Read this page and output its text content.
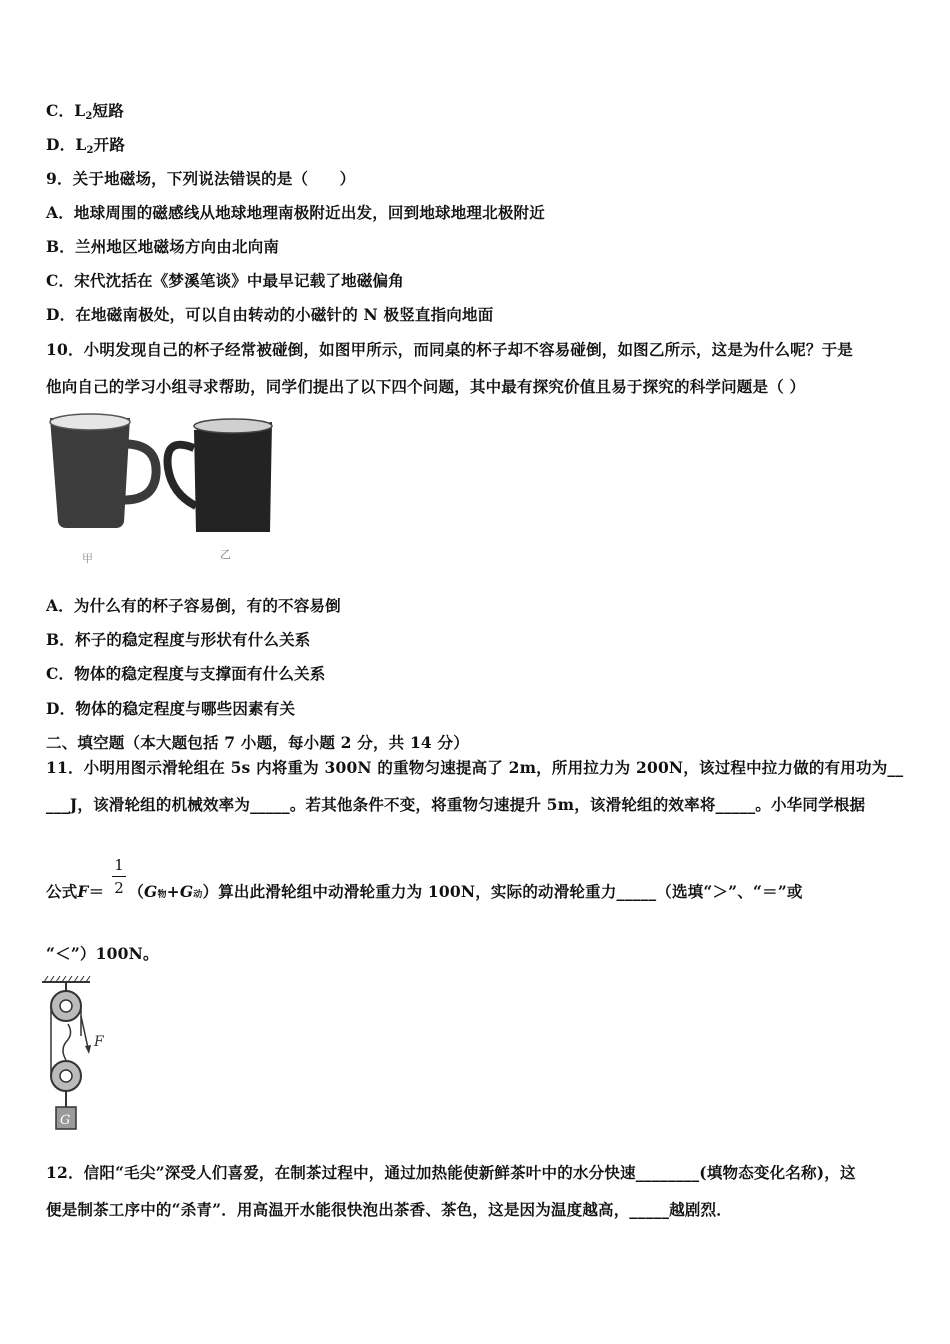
C．$L_2$短路
D．$L_2$开路
9．关于地磁场，下列说法错误的是（　　）
A．地球周围的磁感线从地球地理南极附近出发，回到地球地理北极附近
B．兰州地区地磁场方向由北向南
C．宋代沈括在《梦溪笔谈》中最早记载了地磁偏角
D．在地磁南极处，可以自由转动的小磁针的 N 极竖直指向地面
10．小明发现自己的杯子经常被碰倒，如图甲所示，而同桌的杯子却不容易碰倒，如图乙所示，这是为什么呢？于是
他向自己的学习小组寻求帮助，同学们提出了以下四个问题，其中最有探究价值且易于探究的科学问题是（ ）
甲	乙
A．为什么有的杯子容易倒，有的不容易倒
B．杯子的稳定程度与形状有什么关系
C．物体的稳定程度与支撑面有什么关系
D．物体的稳定程度与哪些因素有关
二、填空题（本大题包括 7 小题，每小题 2 分，共 14 分）
11．小明用图示滑轮组在 5s 内将重为 300N 的重物匀速提高了 2m，所用拉力为 200N，该过程中拉力做的有用功为__
___J，该滑轮组的机械效率为_____。若其他条件不变，将重物匀速提升 5m，该滑轮组的效率将_____。小华同学根据
1
2
公式F＝ （G物+G动）算出此滑轮组中动滑轮重力为 100N，实际的动滑轮重力_____（选填“＞”、“＝”或
“＜”）100N。
F
G
12．信阳“毛尖”深受人们喜爱，在制茶过程中，通过加热能使新鲜茶叶中的水分快速________(填物态变化名称)，这
便是制茶工序中的“杀青”．用高温开水能很快泡出茶香、茶色，这是因为温度越高，_____越剧烈．
